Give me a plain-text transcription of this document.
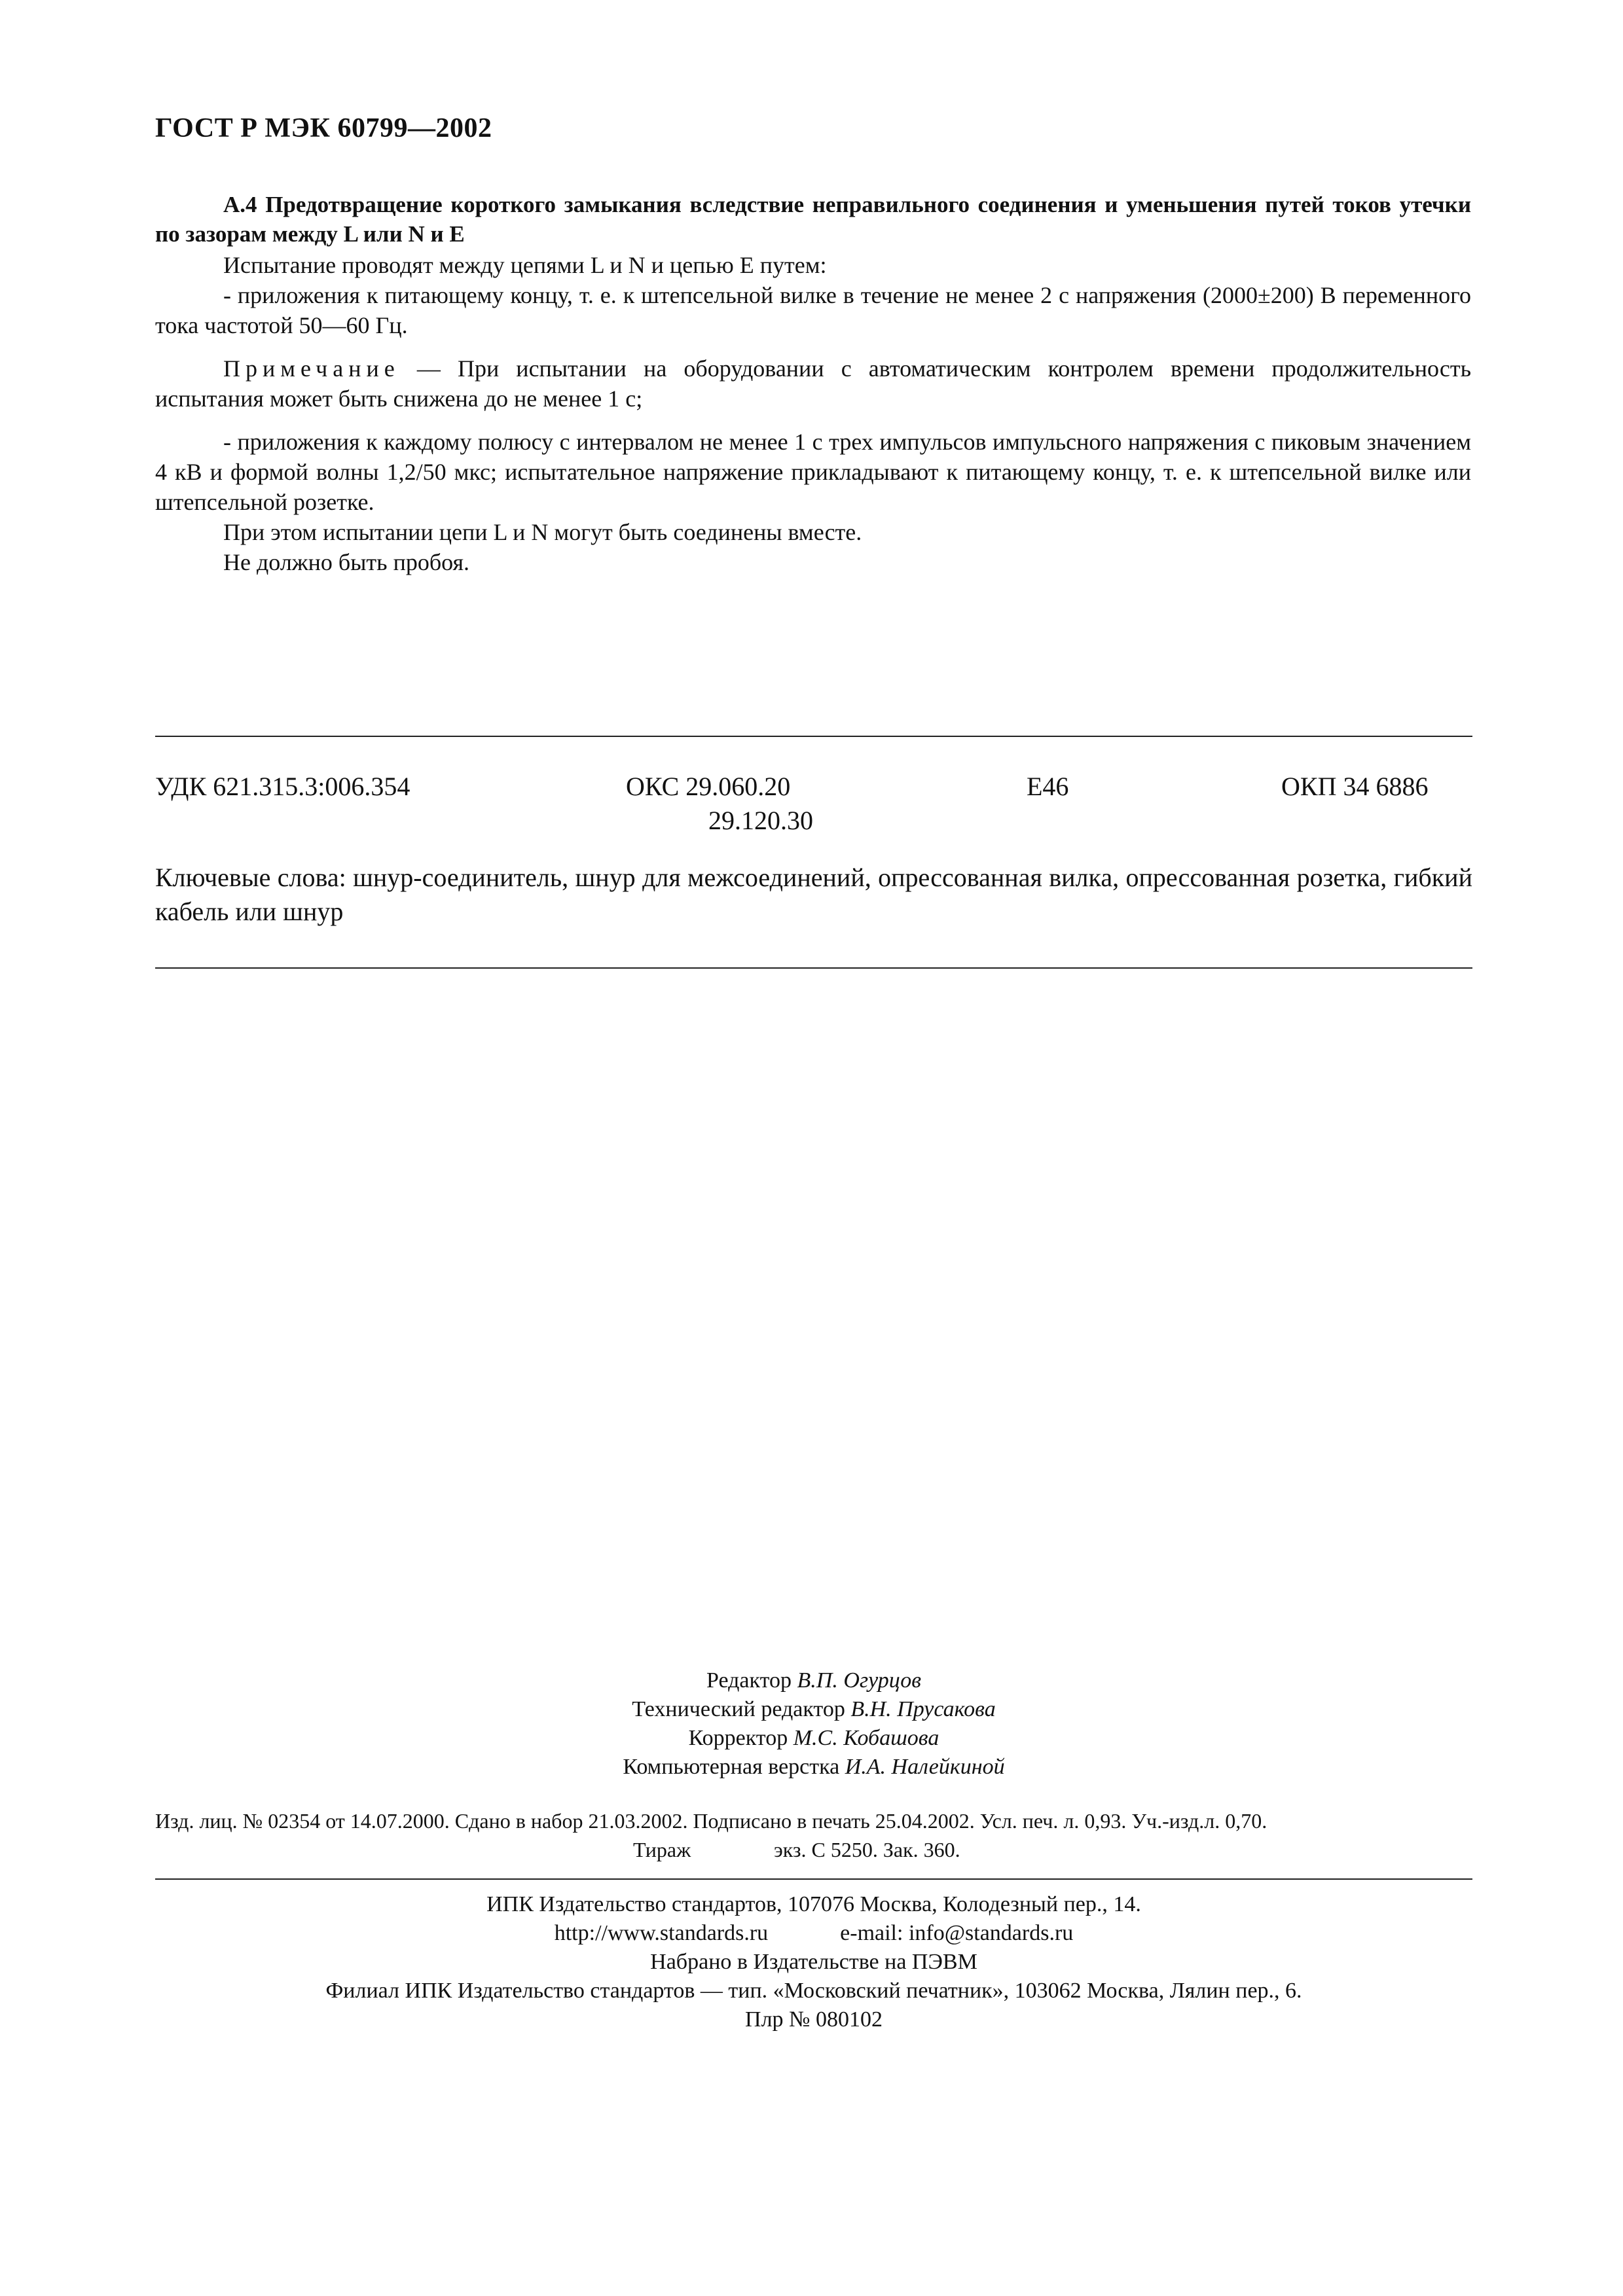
ГОСТ Р МЭК 60799—2002
А.4 Предотвращение короткого замыкания вследствие неправильного соединения и уменьшения путей токов утечки по зазорам между L или N и E
Испытание проводят между цепями L и N и цепью E путем:
- приложения к питающему концу, т. е. к штепсельной вилке в течение не менее 2 с напряжения (2000±200) В переменного тока частотой 50—60 Гц.
Примечание — При испытании на оборудовании с автоматическим контролем времени продолжительность испытания может быть снижена до не менее 1 с;
- приложения к каждому полюсу с интервалом не менее 1 с трех импульсов импульсного напряжения с пиковым значением 4 кВ и формой волны 1,2/50 мкс; испытательное напряжение прикладывают к питающему концу, т. е. к штепсельной вилке или штепсельной розетке.
При этом испытании цепи L и N могут быть соединены вместе.
Не должно быть пробоя.
УДК 621.315.3:006.354	ОКС 29.060.20
29.120.30
Е46	ОКП 34 6886
Ключевые слова: шнур-соединитель, шнур для межсоединений, опрессованная вилка, опрессованная розетка, гибкий кабель или шнур
Редактор В.П. Огурцов
Технический редактор В.Н. Прусакова
Корректор М.С. Кобашова
Компьютерная верстка И.А. Налейкиной
Изд. лиц. № 02354 от 14.07.2000. Сдано в набор 21.03.2002. Подписано в печать 25.04.2002. Усл. печ. л. 0,93. Уч.-изд.л. 0,70.
Тираж	экз. С 5250. Зак. 360.
ИПК Издательство стандартов, 107076 Москва, Колодезный пер., 14.
http://www.standards.ru	e-mail: info@standards.ru
Набрано в Издательстве на ПЭВМ
Филиал ИПК Издательство стандартов — тип. «Московский печатник», 103062 Москва, Лялин пер., 6.
Плр № 080102
